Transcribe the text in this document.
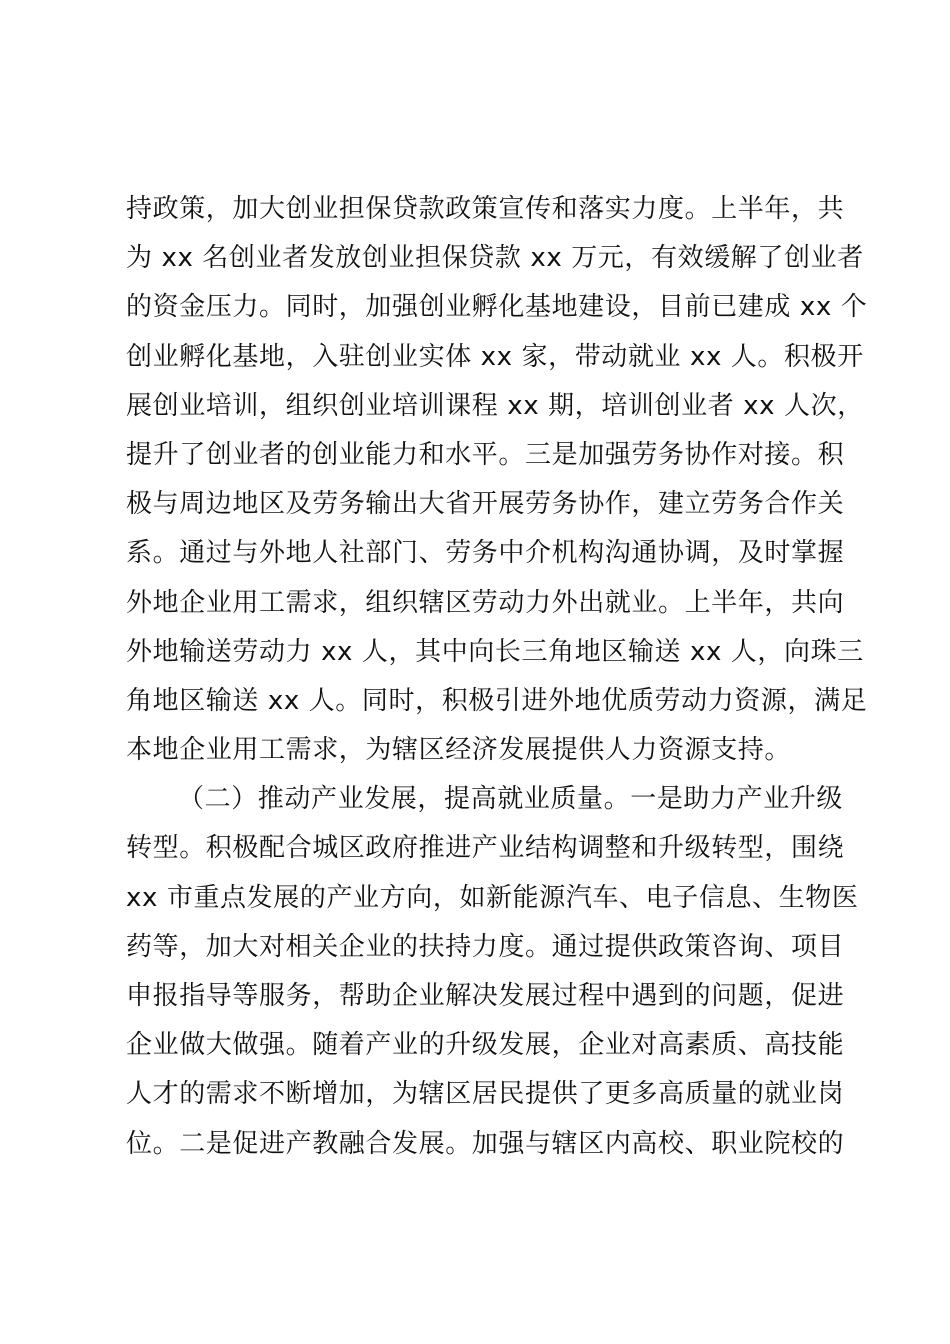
持政策，加大创业担保贷款政策宣传和落实力度。上半年，共
为 xx 名创业者发放创业担保贷款 xx 万元，有效缓解了创业者
的资金压力。同时，加强创业孵化基地建设，目前已建成 xx 个
创业孵化基地，入驻创业实体 xx 家，带动就业 xx 人。积极开
展创业培训，组织创业培训课程 xx 期，培训创业者 xx 人次，
提升了创业者的创业能力和水平。三是加强劳务协作对接。积
极与周边地区及劳务输出大省开展劳务协作，建立劳务合作关
系。通过与外地人社部门、劳务中介机构沟通协调，及时掌握
外地企业用工需求，组织辖区劳动力外出就业。上半年，共向
外地输送劳动力 xx 人，其中向长三角地区输送 xx 人，向珠三
角地区输送 xx 人。同时，积极引进外地优质劳动力资源，满足
本地企业用工需求，为辖区经济发展提供人力资源支持。
（二）推动产业发展，提高就业质量。一是助力产业升级
转型。积极配合城区政府推进产业结构调整和升级转型，围绕
xx 市重点发展的产业方向，如新能源汽车、电子信息、生物医
药等，加大对相关企业的扶持力度。通过提供政策咨询、项目
申报指导等服务，帮助企业解决发展过程中遇到的问题，促进
企业做大做强。随着产业的升级发展，企业对高素质、高技能
人才的需求不断增加，为辖区居民提供了更多高质量的就业岗
位。二是促进产教融合发展。加强与辖区内高校、职业院校的
